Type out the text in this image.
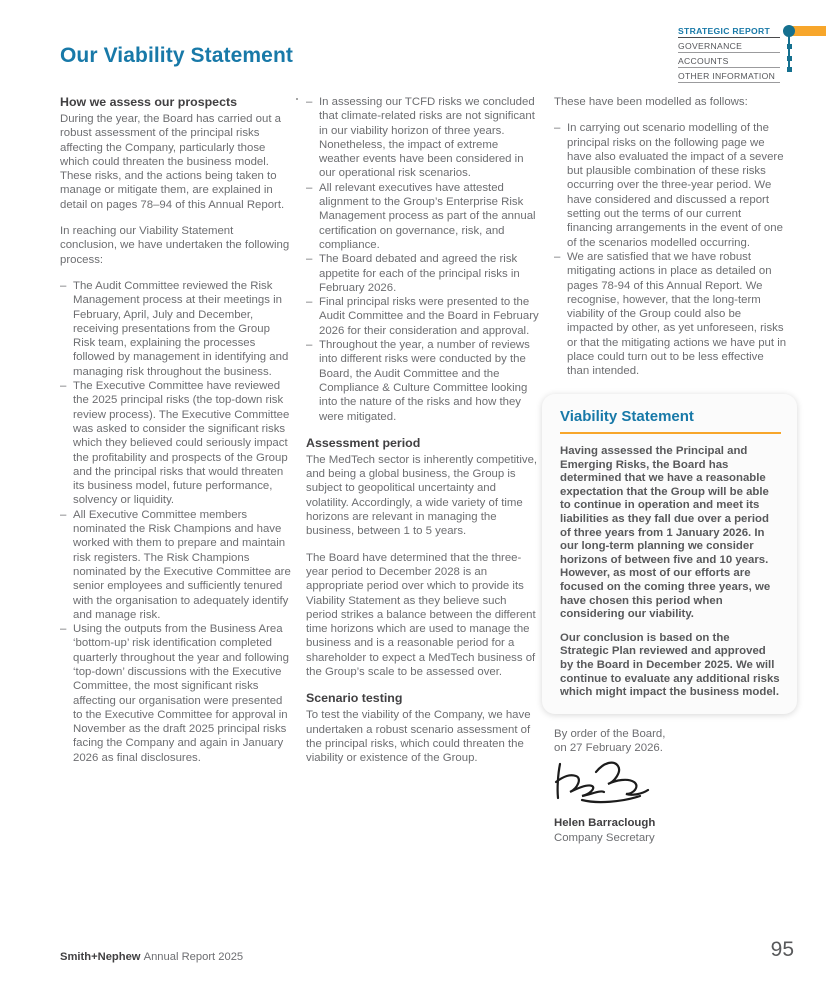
Our Viability Statement
STRATEGIC REPORT
GOVERNANCE
ACCOUNTS
OTHER INFORMATION
How we assess our prospects

During the year, the Board has carried out a robust assessment of the principal risks affecting the Company, particularly those which could threaten the business model. These risks, and the actions being taken to manage or mitigate them, are explained in detail on pages 78–94 of this Annual Report.

In reaching our Viability Statement conclusion, we have undertaken the following process:

– The Audit Committee reviewed the Risk Management process at their meetings in February, April, July and December, receiving presentations from the Group Risk team, explaining the processes followed by management in identifying and managing risk throughout the business.
– The Executive Committee have reviewed the 2025 principal risks (the top-down risk review process). The Executive Committee was asked to consider the significant risks which they believed could seriously impact the profitability and prospects of the Group and the principal risks that would threaten its business model, future performance, solvency or liquidity.
– All Executive Committee members nominated the Risk Champions and have worked with them to prepare and maintain risk registers. The Risk Champions nominated by the Executive Committee are senior employees and sufficiently tenured with the organisation to adequately identify and manage risk.
– Using the outputs from the Business Area ‘bottom-up’ risk identification completed quarterly throughout the year and following ‘top-down’ discussions with the Executive Committee, the most significant risks affecting our organisation were presented to the Executive Committee for approval in November as the draft 2025 principal risks facing the Company and again in January 2026 as final disclosures.
– In assessing our TCFD risks we concluded that climate-related risks are not significant in our viability horizon of three years. Nonetheless, the impact of extreme weather events have been considered in our operational risk scenarios.
– All relevant executives have attested alignment to the Group’s Enterprise Risk Management process as part of the annual certification on governance, risk, and compliance.
– The Board debated and agreed the risk appetite for each of the principal risks in February 2026.
– Final principal risks were presented to the Audit Committee and the Board in February 2026 for their consideration and approval.
– Throughout the year, a number of reviews into different risks were conducted by the Board, the Audit Committee and the Compliance & Culture Committee looking into the nature of the risks and how they were mitigated.
Assessment period

The MedTech sector is inherently competitive, and being a global business, the Group is subject to geopolitical uncertainty and volatility. Accordingly, a wide variety of time horizons are relevant in managing the business, between 1 to 5 years.

The Board have determined that the three-year period to December 2028 is an appropriate period over which to provide its Viability Statement as they believe such period strikes a balance between the different time horizons which are used to manage the business and is a reasonable period for a shareholder to expect a MedTech business of the Group’s scale to be assessed over.

Scenario testing

To test the viability of the Company, we have undertaken a robust scenario assessment of the principal risks, which could threaten the viability or existence of the Group.

These have been modelled as follows:

– In carrying out scenario modelling of the principal risks on the following page we have also evaluated the impact of a severe but plausible combination of these risks occurring over the three-year period. We have considered and discussed a report setting out the terms of our current financing arrangements in the event of one of the scenarios modelled occurring.
– We are satisfied that we have robust mitigating actions in place as detailed on pages 78-94 of this Annual Report. We recognise, however, that the long-term viability of the Group could also be impacted by other, as yet unforeseen, risks or that the mitigating actions we have put in place could turn out to be less effective than intended.
Viability Statement

Having assessed the Principal and Emerging Risks, the Board has determined that we have a reasonable expectation that the Group will be able to continue in operation and meet its liabilities as they fall due over a period of three years from 1 January 2026. In our long-term planning we consider horizons of between five and 10 years. However, as most of our efforts are focused on the coming three years, we have chosen this period when considering our viability.

Our conclusion is based on the Strategic Plan reviewed and approved by the Board in December 2025. We will continue to evaluate any additional risks which might impact the business model.

By order of the Board,
on 27 February 2026.
Helen Barraclough
Company Secretary
Smith+Nephew Annual Report 2025	95
